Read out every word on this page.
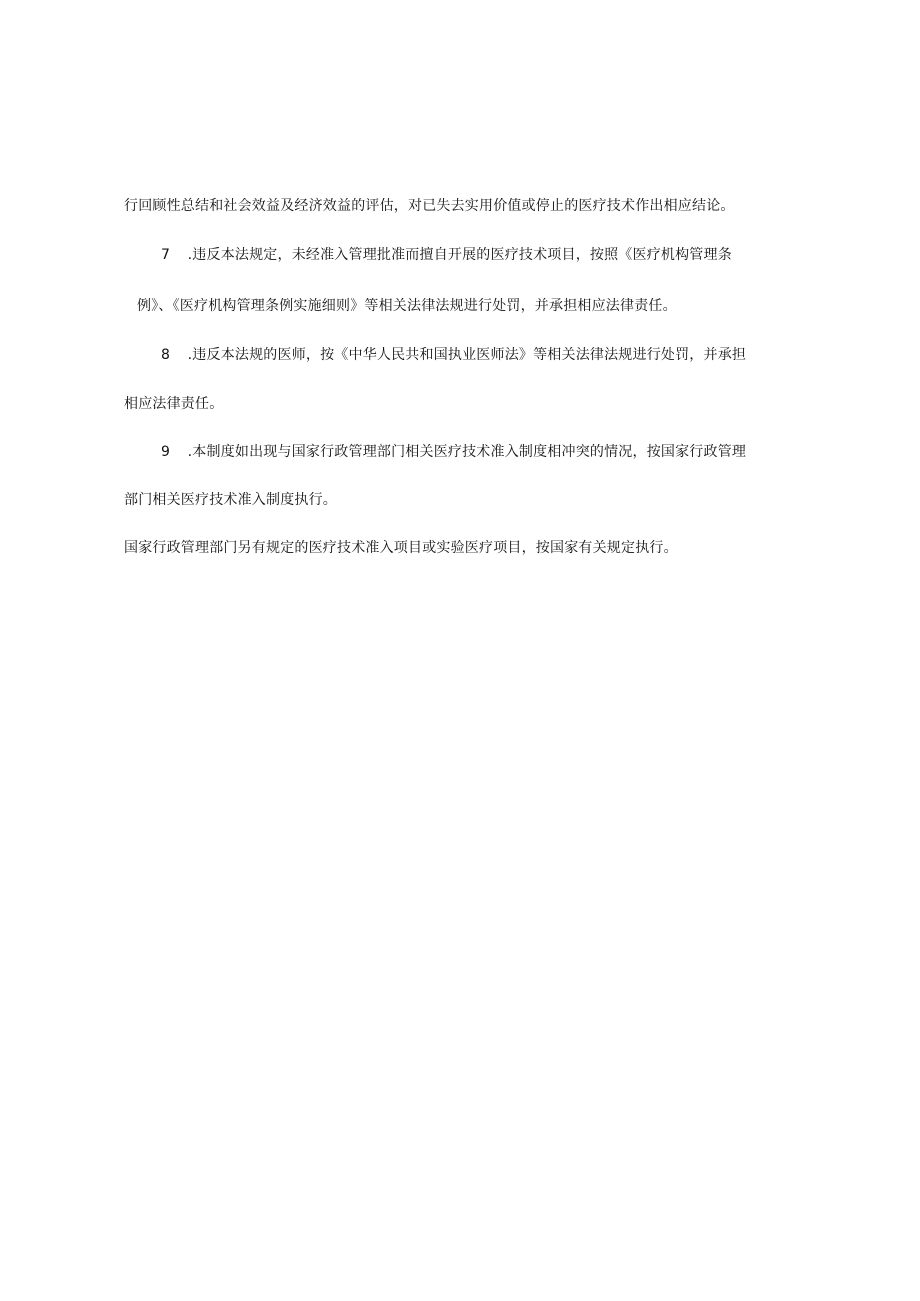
行回顾性总结和社会效益及经济效益的评估，对已失去实用价值或停止的医疗技术作出相应结论。

7 .违反本法规定，未经准入管理批准而擅自开展的医疗技术项目，按照《医疗机构管理条

例》、《医疗机构管理条例实施细则》等相关法律法规进行处罚，并承担相应法律责任。

8 .违反本法规的医师，按《中华人民共和国执业医师法》等相关法律法规进行处罚，并承担

相应法律责任。

9 .本制度如出现与国家行政管理部门相关医疗技术准入制度相冲突的情况，按国家行政管理

部门相关医疗技术准入制度执行。

国家行政管理部门另有规定的医疗技术准入项目或实验医疗项目，按国家有关规定执行。
